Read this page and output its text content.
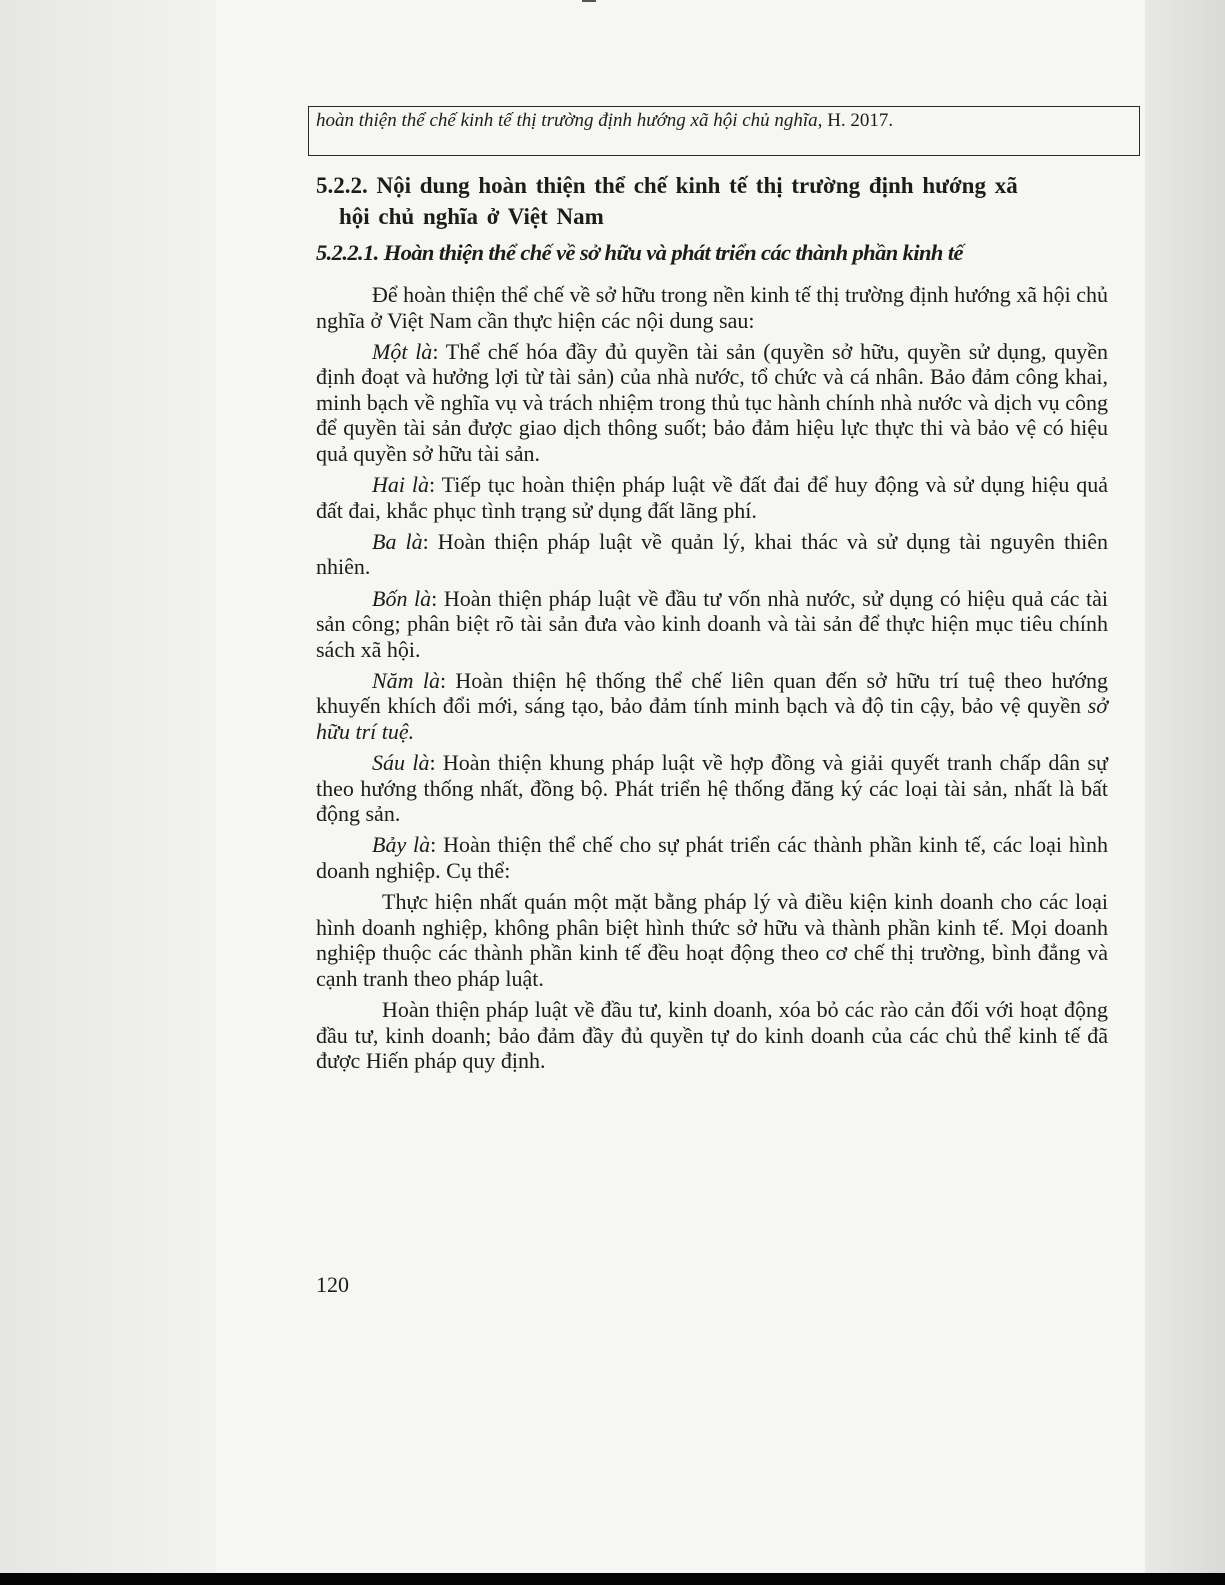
hoàn thiện thể chế kinh tế thị trường định hướng xã hội chủ nghĩa, H. 2017.
5.2.2. Nội dung hoàn thiện thể chế kinh tế thị trường định hướng xã
hội chủ nghĩa ở Việt Nam
5.2.2.1. Hoàn thiện thể chế về sở hữu và phát triển các thành phần kinh tế

Để hoàn thiện thể chế về sở hữu trong nền kinh tế thị trường định hướng xã hội chủ nghĩa ở Việt Nam cần thực hiện các nội dung sau:

Một là: Thể chế hóa đầy đủ quyền tài sản (quyền sở hữu, quyền sử dụng, quyền định đoạt và hưởng lợi từ tài sản) của nhà nước, tổ chức và cá nhân. Bảo đảm công khai, minh bạch về nghĩa vụ và trách nhiệm trong thủ tục hành chính nhà nước và dịch vụ công để quyền tài sản được giao dịch thông suốt; bảo đảm hiệu lực thực thi và bảo vệ có hiệu quả quyền sở hữu tài sản.

Hai là: Tiếp tục hoàn thiện pháp luật về đất đai để huy động và sử dụng hiệu quả đất đai, khắc phục tình trạng sử dụng đất lãng phí.

Ba là: Hoàn thiện pháp luật về quản lý, khai thác và sử dụng tài nguyên thiên nhiên.

Bốn là: Hoàn thiện pháp luật về đầu tư vốn nhà nước, sử dụng có hiệu quả các tài sản công; phân biệt rõ tài sản đưa vào kinh doanh và tài sản để thực hiện mục tiêu chính sách xã hội.

Năm là: Hoàn thiện hệ thống thể chế liên quan đến sở hữu trí tuệ theo hướng khuyến khích đổi mới, sáng tạo, bảo đảm tính minh bạch và độ tin cậy, bảo vệ quyền sở hữu trí tuệ.

Sáu là: Hoàn thiện khung pháp luật về hợp đồng và giải quyết tranh chấp dân sự theo hướng thống nhất, đồng bộ. Phát triển hệ thống đăng ký các loại tài sản, nhất là bất động sản.

Bảy là: Hoàn thiện thể chế cho sự phát triển các thành phần kinh tế, các loại hình doanh nghiệp. Cụ thể:

Thực hiện nhất quán một mặt bằng pháp lý và điều kiện kinh doanh cho các loại hình doanh nghiệp, không phân biệt hình thức sở hữu và thành phần kinh tế. Mọi doanh nghiệp thuộc các thành phần kinh tế đều hoạt động theo cơ chế thị trường, bình đẳng và cạnh tranh theo pháp luật.

Hoàn thiện pháp luật về đầu tư, kinh doanh, xóa bỏ các rào cản đối với hoạt động đầu tư, kinh doanh; bảo đảm đầy đủ quyền tự do kinh doanh của các chủ thể kinh tế đã được Hiến pháp quy định.

120
